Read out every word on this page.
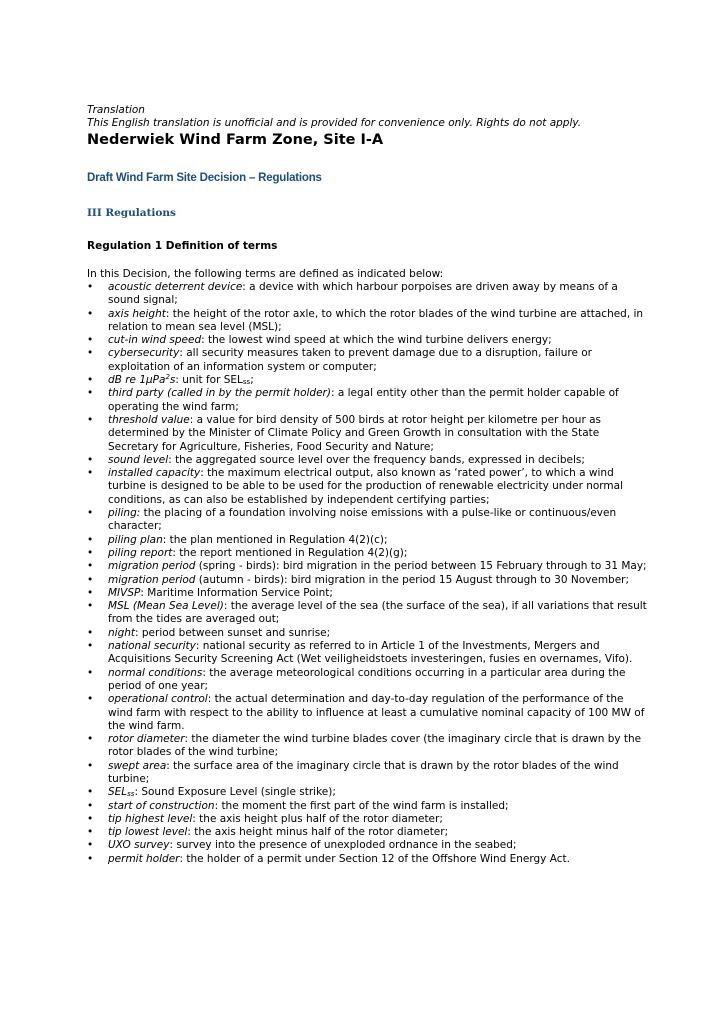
Translation

This English translation is unofficial and is provided for convenience only. Rights do not apply.

Nederwiek Wind Farm Zone, Site I-A

Draft Wind Farm Site Decision – Regulations

III Regulations

Regulation 1 Definition of terms

In this Decision, the following terms are defined as indicated below:

• acoustic deterrent device: a device with which harbour porpoises are driven away by means of a sound signal;
• axis height: the height of the rotor axle, to which the rotor blades of the wind turbine are attached, in relation to mean sea level (MSL);
• cut-in wind speed: the lowest wind speed at which the wind turbine delivers energy;
• cybersecurity: all security measures taken to prevent damage due to a disruption, failure or exploitation of an information system or computer;
• dB re 1μPa$^2$s: unit for $SEL_{ss}$;
• third party (called in by the permit holder): a legal entity other than the permit holder capable of operating the wind farm;
• threshold value: a value for bird density of 500 birds at rotor height per kilometre per hour as determined by the Minister of Climate Policy and Green Growth in consultation with the State Secretary for Agriculture, Fisheries, Food Security and Nature;
• sound level: the aggregated source level over the frequency bands, expressed in decibels;
• installed capacity: the maximum electrical output, also known as ‘rated power’, to which a wind turbine is designed to be able to be used for the production of renewable electricity under normal conditions, as can also be established by independent certifying parties;
• piling: the placing of a foundation involving noise emissions with a pulse-like or continuous/even character;
• piling plan: the plan mentioned in Regulation 4(2)(c);
• piling report: the report mentioned in Regulation 4(2)(g);
• migration period (spring - birds): bird migration in the period between 15 February through to 31 May;
• migration period (autumn - birds): bird migration in the period 15 August through to 30 November;
• MIVSP: Maritime Information Service Point;
• MSL (Mean Sea Level): the average level of the sea (the surface of the sea), if all variations that result from the tides are averaged out;
• night: period between sunset and sunrise;
• national security: national security as referred to in Article 1 of the Investments, Mergers and Acquisitions Security Screening Act (Wet veiligheidstoets investeringen, fusies en overnames, Vifo).
• normal conditions: the average meteorological conditions occurring in a particular area during the period of one year;
• operational control: the actual determination and day-to-day regulation of the performance of the wind farm with respect to the ability to influence at least a cumulative nominal capacity of 100 MW of the wind farm.
• rotor diameter: the diameter the wind turbine blades cover (the imaginary circle that is drawn by the rotor blades of the wind turbine;
• swept area: the surface area of the imaginary circle that is drawn by the rotor blades of the wind turbine;
• $SEL_{ss}$: Sound Exposure Level (single strike);
• start of construction: the moment the first part of the wind farm is installed;
• tip highest level: the axis height plus half of the rotor diameter;
• tip lowest level: the axis height minus half of the rotor diameter;
• UXO survey: survey into the presence of unexploded ordnance in the seabed;
• permit holder: the holder of a permit under Section 12 of the Offshore Wind Energy Act.
